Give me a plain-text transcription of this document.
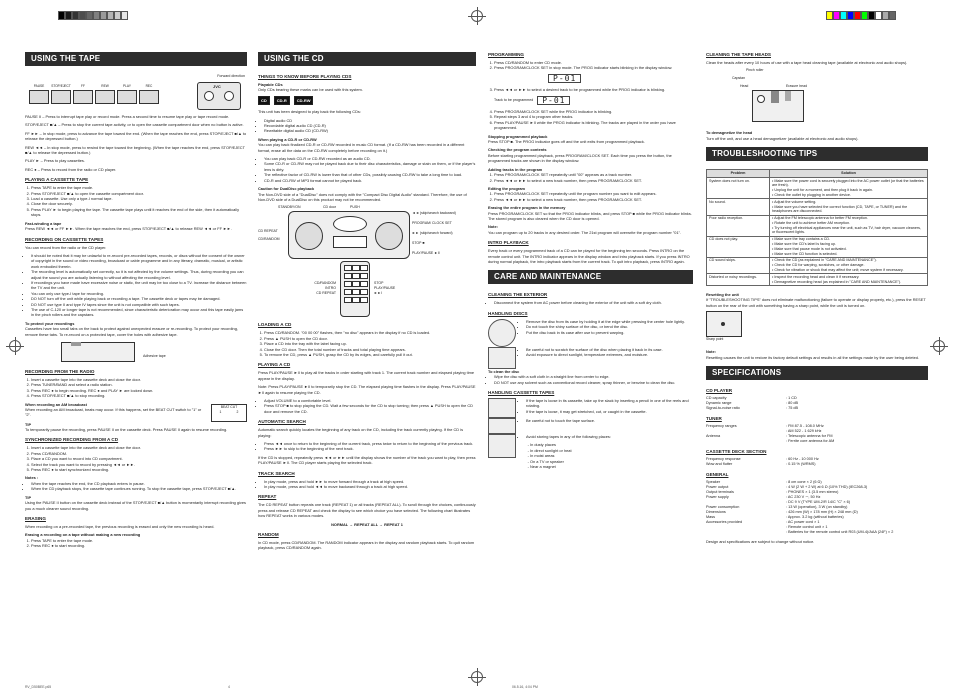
USING THE TAPE
Forward direction
PAUSE STOP/EJECT	FF	REW	PLAY	REC	JVC

PAUSE II – Press to interrupt tape play or record mode. Press a second time to resume tape play or tape record mode.

STOP/EJECT ■/▲ – Press to stop the current tape activity, or to open the cassette compartment door when no button is active.

FF ►► – In stop mode, press to advance the tape toward the end. (When the tape reaches the end, press STOP/EJECT ■/▲ to release the depressed button.)

REW ◄◄ – In stop mode, press to rewind the tape toward the beginning. (When the tape reaches the end, press STOP/EJECT ■/▲ to release the depressed button.)

PLAY ► – Press to play cassettes.

REC ● – Press to record from the radio or CD player.

PLAYING A CASSETTE TAPE
1. Press TAPE to enter the tape mode.
2. Press STOP/EJECT ■/▲ to open the cassette compartment door.
3. Load a cassette. Use only a type-I normal tape.
4. Close the door securely.
5. Press PLAY ► to begin playing the tape. The cassette tape plays until it reaches the end of the side, then it automatically stops.

Fast-winding a tape
Press REW ◄◄ or FF ►►. When the tape reaches the end, press STOP/EJECT ■/▲ to release REW ◄◄ or FF ►►.

RECORDING ON CASSETTE TAPES

You can record from the radio or the CD player.

• It should be noted that it may be unlawful to re-record pre-recorded tapes, records, or discs without the consent of the owner of copyright in the sound or video recording, broadcast or cable programme and in any literary, dramatic, musical, or artistic work embodied therein.
• The recording level is automatically set correctly, so it is not affected by the volume settings. Thus, during recording you can adjust the sound you are actually listening to without affecting the recording level.
• If recordings you have made have excessive noise or static, the unit may be too close to a TV. Increase the distance between the TV and the unit.
• You can only use type-I tape for recording.
• DO NOT turn off the unit while playing back or recording a tape. The cassette deck or tapes may be damaged.
• DO NOT use type II and type IV tapes since the unit is not compatible with such tapes.
• The use of C-120 or longer tape is not recommended, since characteristic deterioration may occur and this tape easily jams in the pinch rollers and the capstans.

To protect your recordings
Cassettes have two small tabs on the back to protect against unexpected erasure or re-recording. To protect your recording, remove these tabs. To re-record on a protected tape, cover the holes with adhesive tape.

Adhesive tape
RECORDING FROM THE RADIO
1. Insert a cassette tape into the cassette deck and close the door.
2. Press TUNER/BAND and select a radio station.
3. Press REC ● to begin recording. REC ● and PLAY ► are locked down.
4. Press STOP/EJECT ■/▲ to stop recording.

When recording an AM broadcast
When recording an AM broadcast, beats may occur. If this happens, set the BEAT CUT switch to "1" or "2".

BEAT CUT
1	2

TIP
To temporarily pause the recording, press PAUSE II on the cassette deck. Press PAUSE II again to resume recording.

SYNCHRONIZED RECORDING FROM A CD
1. Insert a cassette tape into the cassette deck and close the door.
2. Press CD/RANDOM.
3. Place a CD you want to record into CD compartment.
4. Select the track you want to record by pressing ◄◄ or ►►.
5. Press REC ● to start synchronized recording.
Notes :
• When the tape reaches the end, the CD playback enters in pause.
• When the CD playback stops, the cassette tape continues running. To stop the cassette tape, press STOP/EJECT ■/▲.

TIP
Using the PAUSE II button on the cassette deck instead of the STOP/EJECT ■/▲ button is momentarily interrupt recording gives you a much cleaner sound recording.

ERASING

When recording on a pre-recorded tape, the previous recording is erased and only the new recording is heard.

Erasing a recording on a tape without making a new recording
1. Press TAPE to enter the tape mode.
2. Press REC ● to start recording.
USING THE CD
THINGS TO KNOW BEFORE PLAYING CDS
Playable CDs

Only CDs bearing these marks can be used with this system.

CD	CD-R	CD-RW

This unit has been designed to play back the following CDs:

• Digital audio CD
• Recordable digital audio CD (CD-R)
• Rewritable digital audio CD (CD-RW)
When playing a CD-R or CD-RW

You can play back finalized CD-R or CD-RW recorded in music CD format. (If a CD-RW has been recorded in a different format, erase all the data on the CD-RW completely before recording on it.)

• You can play back CD-R or CD-RW recorded as an audio CD.
• Some CD-R or CD-RW may not be played back due to their disc characteristics, damage or stain on them, or if the player's lens is dirty.
• The reflective factor of CD-RW is lower than that of other CDs, possibly causing CD-RW to take a long time to load.
• CD-R and CD-RW of MP3 format cannot be played back.
Caution for DualDisc playback

The Non-DVD side of a "DualDisc" does not comply with the "Compact Disc Digital Audio" standard. Therefore, the use of Non-DVD side of a DualDisc on this product may not be recommended.

STANDBY/ON	CD door	PUSH
CD REPEAT
CD/RANDOM
◄◄ (skip/search backward)
PROGRAM/ CLOCK SET
►► (skip/search forward)
STOP ■
PLAY/PAUSE ►II
CD/RANDOM
INTRO
CD REPEAT
STOP
PLAY/PAUSE
►►I
LOADING A CD
1. Press CD/RANDOM. "00 00 00" flashes, then "no disc" appears in the display if no CD is loaded.
2. Press ▲ PUSH to open the CD door.
3. Place a CD into the tray with the label facing up.
4. Close the CD door. Then the total number of tracks and total playing time appears.
5. To remove the CD, press ▲ PUSH, grasp the CD by its edges, and carefully pull it out.
PLAYING A CD

Press PLAY/PAUSE ►II to play all the tracks in order starting with track 1. The current track number and elapsed playing time appear in the display.

Note: Press PLAY/PAUSE ►II to temporarily stop the CD. The elapsed playing time flashes in the display. Press PLAY/PAUSE ►II again to resume playing the CD.

• Adjust VOLUME to a comfortable level.
• Press STOP ■ to stop playing the CD. Wait a few seconds for the CD to stop turning; then press ▲ PUSH to open the CD door and remove the CD.
AUTOMATIC SEARCH

Automatic search quickly locates the beginning of any track on the CD, including the track currently playing. If the CD is playing:

• Press ◄◄ once to return to the beginning of the current track, press twice to return to the beginning of the previous track.
• Press ►► to skip to the beginning of the next track.

If the CD is stopped, repeatedly press ◄◄ or ►► until the display shows the number of the track you want to play, then press PLAY/PAUSE ►II. The CD player starts playing the selected track.

TRACK SEARCH
• In play mode, press and hold ►► to move forward through a track at high speed.
• In play mode, press and hold ◄◄ to move backward through a track at high speed.
REPEAT

The CD REPEAT button repeats one track (REPEAT 1) or all tracks (REPEAT ALL). To scroll through the choices, continuously press and release CD REPEAT and check the display to see which choice you have selected. The following chart illustrates how REPEAT works in various modes.

NORMAL → REPEAT ALL → REPEAT 1

RANDOM

In CD mode, press CD/RANDOM. The RANDOM indicator appears in the display and random playback starts. To quit random playback, press CD/RANDOM again.

PROGRAMMING
1. Press CD/RANDOM to enter CD mode.
2. Press PROGRAM/CLOCK SET in stop mode. The PROG indicator starts blinking in the display window.
P-01
3. Press ◄◄ or ►► to select a desired track to be programmed while the PROG indicator is blinking.
Track to be programmed	P-01
4. Press PROGRAM/CLOCK SET while the PROG indicator is blinking.
5. Repeat steps 3 and 4 to program other tracks.
6. Press PLAY/PAUSE ►II while the PROG indicator is blinking. The tracks are played in the order you have programmed.
Stopping programmed playback

Press STOP ■. The PROG indicator goes off and the unit exits from programmed playback.

Checking the program contents

Before starting programmed playback, press PROGRAM/CLOCK SET. Each time you press the button, the programmed tracks are shown in the display window.

Adding tracks in the program
1. Press PROGRAM/CLOCK SET repeatedly until "00" appears as a track number.
2. Press ◄◄ or ►► to select a new track number, then press PROGRAM/CLOCK SET.
Editing the program
1. Press PROGRAM/CLOCK SET repeatedly until the program number you want to edit appears.
2. Press ◄◄ or ►► to select a new track number, then press PROGRAM/CLOCK SET.
Erasing the entire program in the memory

Press PROGRAM/CLOCK SET so that the PROG indicator blinks, and press STOP ■ while the PROG indicator blinks. The stored program is also cleared when the CD door is opened.

Note:

You can program up to 20 tracks in any desired order. The 21st program will overwrite the program number "01".

INTRO PLAYBACK

Every track or every programmed track of a CD can be played for the beginning ten seconds. Press INTRO on the remote control unit. The INTRO indicator appears in the display window and intro playback starts. If you press INTRO during normal playback, the intro playback starts from the current track. To quit intro playback, press INTRO again.

CARE AND MAINTENANCE
CLEANING THE EXTERIOR
• Disconnect the system from AC power before cleaning the exterior of the unit with a soft dry cloth.
HANDLING DISCS
• Remove the disc from its case by holding it at the edge while pressing the center hole lightly.
• Do not touch the shiny surface of the disc, or bend the disc.
• Put the disc back in its case after use to prevent warping.
• Be careful not to scratch the surface of the disc when placing it back in its case.
• Avoid exposure to direct sunlight, temperature extremes, and moisture.
To clean the disc
• Wipe the disc with a soft cloth in a straight line from center to edge.
• DO NOT use any solvent such as conventional record cleaner, spray thinner, or benzine to clean the disc.
HANDLING CASSETTE TAPES
• If the tape is loose in its cassette, take up the slack by inserting a pencil in one of the reels and rotating.
• If the tape is loose, it may get stretched, cut, or caught in the cassette.
• Be careful not to touch the tape surface.
• Avoid storing tapes in any of the following places:
- In dusty places
- In direct sunlight or heat
- In moist areas
- On a TV or speaker
- Near a magnet
CLEANING THE TAPE HEADS

Clean the heads after every 10 hours of use with a tape head cleaning tape (available at electronic and audio shops).

Pinch roller
Capstan
Head	Erasure head
To demagnetize the head

Turn off the unit, and use a head demagnetizer (available at electronic and audio shops).

TROUBLESHOOTING TIPS
Problem	Solution
System does not turn on.	• Make sure the power cord is securely plugged into the AC power outlet (or that the batteries are fresh).
• Unplug the unit for a moment, and then plug it back in again.
• Check the outlet by plugging in another device.
No sound.	• Adjust the volume setting.
• Make sure you have selected the correct function (CD, TAPE, or TUNER) and the headphones are disconnected.
Poor radio reception.	• Adjust the FM telescopic antenna for better FM reception.
• Rotate the unit to achieve better AM reception.
• Try turning off electrical appliances near the unit, such as TV, hair dryer, vacuum cleaners, or fluorescent lights.
CD does not play.	• Make sure the tray contains a CD.
• Make sure the CD's label is facing up.
• Make sure that pause mode is not activated.
• Make sure the CD function is selected.
CD sound skips.	• Check the CD (as explained in "CARE AND MAINTENANCE").
• Check the CD for warping, scratches, or other damage.
• Check for vibration or shock that may affect the unit; move system if necessary.
Distorted or noisy recordings.	• Inspect the recording head and clean it if necessary.
• Demagnetize recording head (as explained in "CARE AND MAINTENANCE").
Resetting the unit

If "TROUBLESHOOTING TIPS" does not eliminate malfunctioning (failure to operate or display properly, etc.), press the RESET button on the rear of the unit with something having a sharp point, while the unit is turned on.

Sharp point
Note:

Resetting causes the unit to restore its factory default settings and results in all the settings made by the user being deleted.

SPECIFICATIONS
CD PLAYER
CD capacity	: 1 CD
Dynamic range	: 80 dB
Signal-to-noise ratio	: 75 dB
TUNER
Frequency ranges	: FM 87.5 - 108.0 MHz
: AM 522 - 1 629 kHz
Antenna	: Telescopic antenna for FM
: Ferrite core antenna for AM
CASSETTE DECK SECTION
Frequency response	: 60 Hz - 10 000 Hz
Wow and flutter	: 0.15 % (WRMS)
GENERAL
Speaker	: 8 cm cone × 2 (6 Ω)
Power output	: 4 W (2 W + 2 W) at 6 Ω (10% THD) (IEC268-3)
Output terminals	: PHONES × 1 (3.5 mm stereo)
Power supply	: AC 230 V ∼, 50 Hz
: DC 9 V (TYPE UM-2/R 14/C "C" × 6)
Power consumption	: 13 W (operation), 3 W (on standby)
Dimensions	: 426 mm (W) × 178 mm (H) × 248 mm (D)
Mass	: Approx. 3.2 kg (without batteries)
Accessories provided	: AC power cord × 1
: Remote control unit × 1
: Batteries for the remote control unit R03 (UM-4)/AAA (24F) × 2

Design and specifications are subject to change without notice.

RV_D50BEE.p65	4	06.5.16, 4:04 PM
